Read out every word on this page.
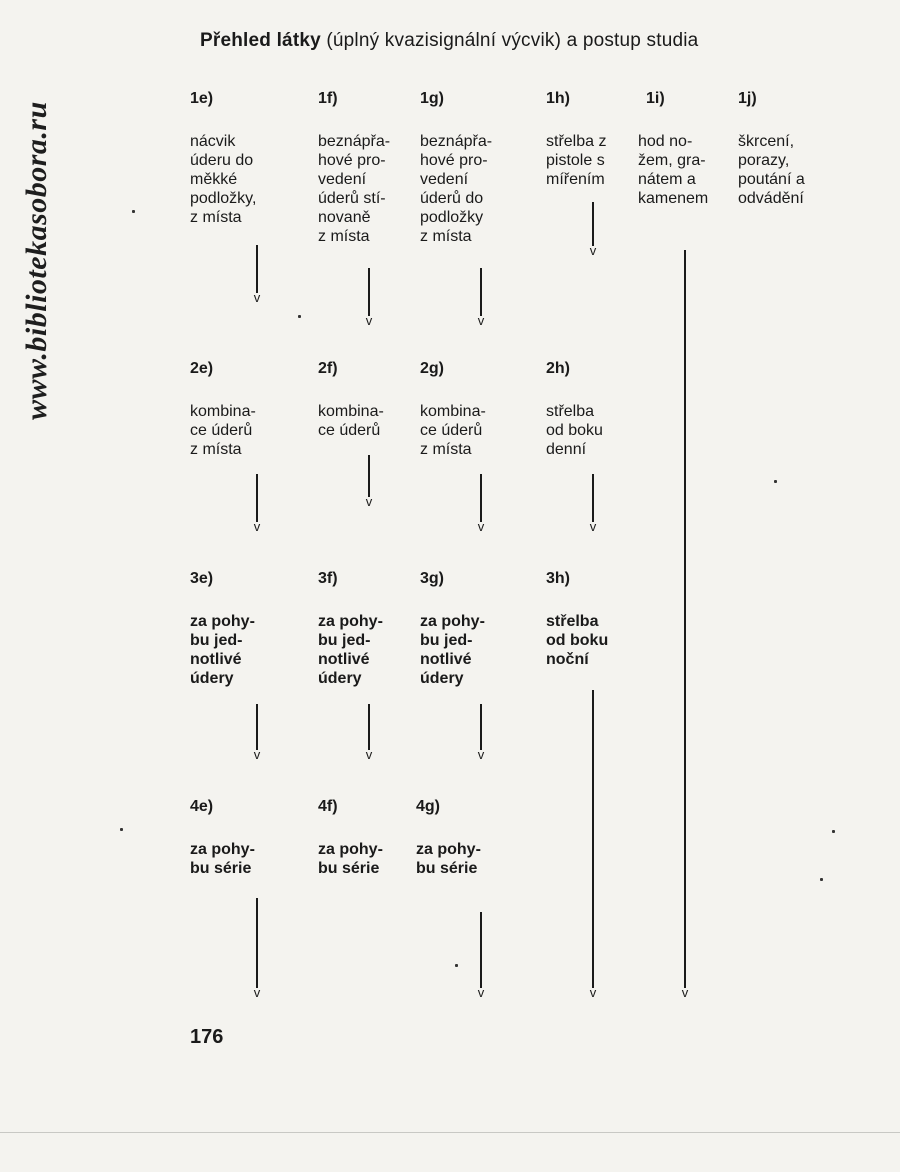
www.bibliotekasobora.ru
Přehled látky (úplný kvazisignální výcvik) a postup studia
1e)
nácvik
úderu do
měkké
podložky,
z místa
1f)
beznápřa-
hové pro-
vedení
úderů stí-
novaně
z místa
1g)
beznápřa-
hové pro-
vedení
úderů do
podložky
z místa
1h)
střelba z
pistole s
mířením
1i)
hod no-
žem, gra-
nátem a
kamenem
1j)
škrcení,
porazy,
poutání a
odvádění
2e)
kombina-
ce úderů
z místa
2f)
kombina-
ce úderů
2g)
kombina-
ce úderů
z místa
2h)
střelba
od boku
denní
3e)
za pohy-
bu jed-
notlivé
údery
3f)
za pohy-
bu jed-
notlivé
údery
3g)
za pohy-
bu jed-
notlivé
údery
3h)
střelba
od boku
noční
4e)
za pohy-
bu série
4f)
za pohy-
bu série
4g)
za pohy-
bu série
v
v	v
v
v
v
v
v	v
v	v	v
v
v	v
176
